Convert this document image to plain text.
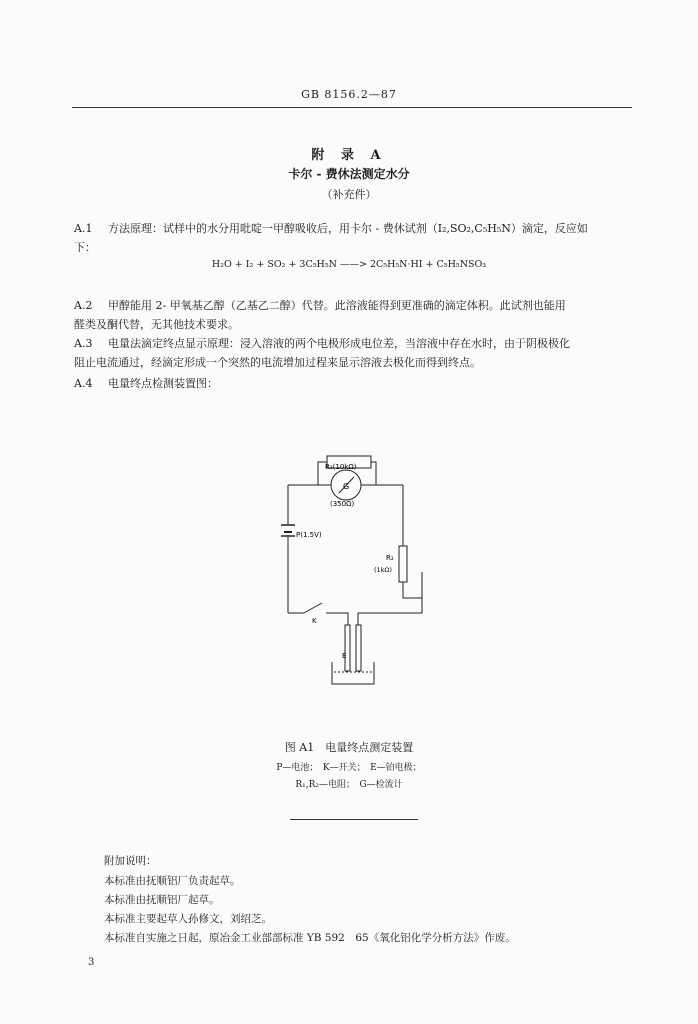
GB 8156.2—87
附 录 A
卡尔 - 费休法测定水分
（补充件）
A.1 方法原理：试样中的水分用吡啶一甲醇吸收后，用卡尔 - 费休试剂（I₂,SO₂,C₅H₅N）滴定，反应如
下：
H₂O + I₂ + SO₂ + 3C₅H₅N ——> 2C₅H₅N·HI + C₅H₅NSO₃
A.2 甲醇能用 2- 甲氧基乙醇（乙基乙二醇）代替。此溶液能得到更准确的滴定体积。此试剂也能用
醛类及酮代替，无其他技术要求。
A.3 电量法滴定终点显示原理：浸入溶液的两个电极形成电位差，当溶液中存在水时，由于阴极极化
阻止电流通过，经滴定形成一个突然的电流增加过程来显示溶液去极化而得到终点。
A.4 电量终点检测装置图：
R₁(10kΩ)
G
(350Ω)
P(1.5V)
R₂
(1kΩ)
K
E
图 A1　电量终点测定装置
P—电池；　K—开关；　E—铂电极；
R₁,R₂—电阻；　G—检流计
附加说明：
本标准由抚顺铝厂负责起草。
本标准由抚顺铝厂起草。
本标准主要起草人孙修文，刘绍芝。
本标准自实施之日起，原冶金工业部部标准 YB 592　65《氧化铝化学分析方法》作废。
3
